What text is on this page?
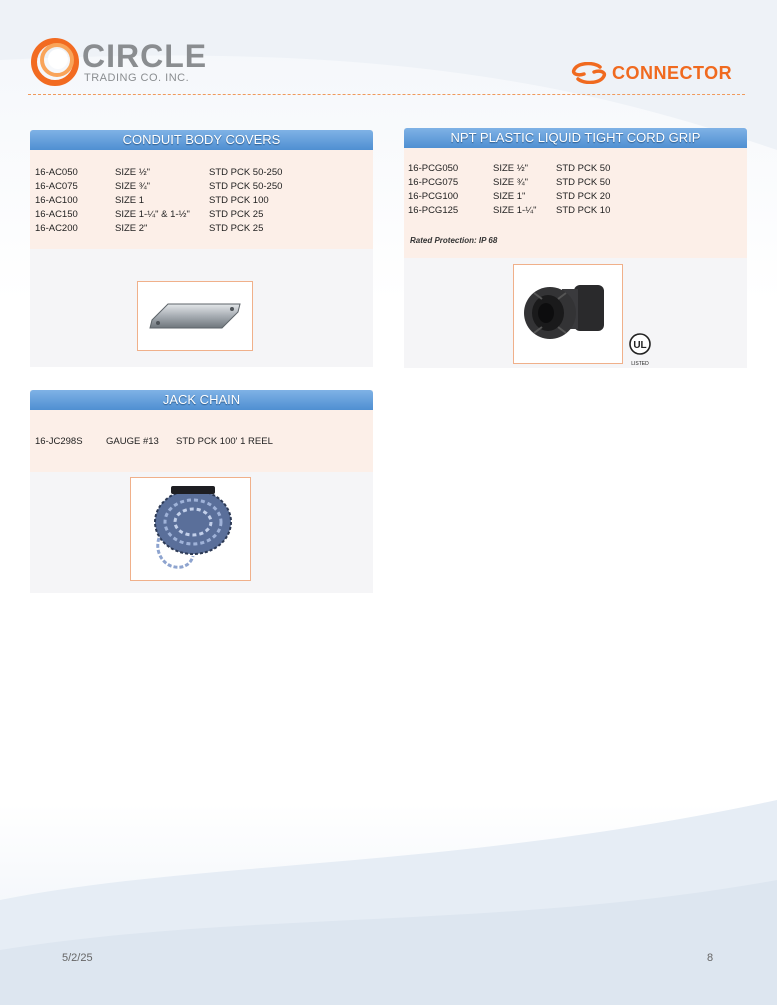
CIRCLE
TRADING CO. INC.	CONNECTOR
CONDUIT BODY COVERS
16-AC050	SIZE ½"	STD PCK 50-250
16-AC075	SIZE ¾"	STD PCK 50-250
16-AC100	SIZE 1	STD PCK 100
16-AC150	SIZE 1-¼" & 1-½" STD PCK 25
16-AC200	SIZE 2"	STD PCK 25
NPT PLASTIC LIQUID TIGHT CORD GRIP
16-PCG050	SIZE ½"	STD PCK 50
16-PCG075	SIZE ¾"	STD PCK 50
16-PCG100	SIZE 1"	STD PCK 20
16-PCG125	SIZE 1-¼" STD PCK 10
Rated Protection: IP 68
UL
LISTED
JACK CHAIN
16-JC298S GAUGE #13 STD PCK 100' 1 REEL
5/2/25	8
